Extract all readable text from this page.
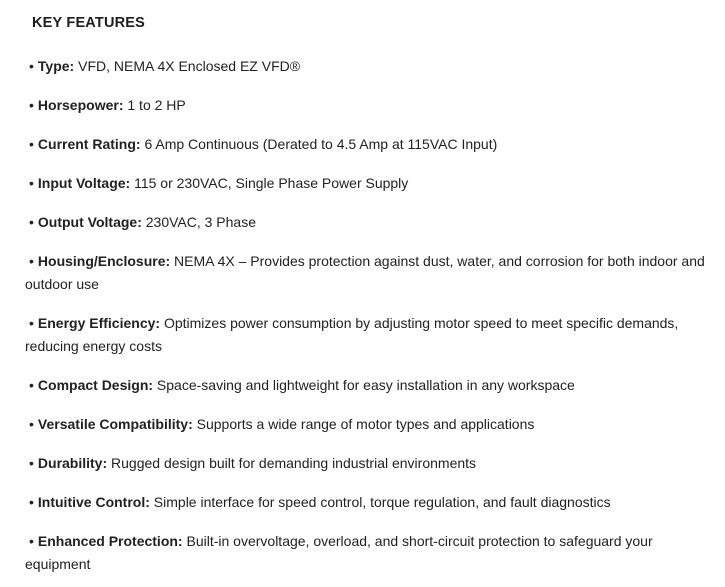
KEY FEATURES

• Type: VFD, NEMA 4X Enclosed EZ VFD®

• Horsepower: 1 to 2 HP

• Current Rating: 6 Amp Continuous (Derated to 4.5 Amp at 115VAC Input)

• Input Voltage: 115 or 230VAC, Single Phase Power Supply

• Output Voltage: 230VAC, 3 Phase

• Housing/Enclosure: NEMA 4X – Provides protection against dust, water, and corrosion for both indoor and
outdoor use

• Energy Efficiency: Optimizes power consumption by adjusting motor speed to meet specific demands,
reducing energy costs

• Compact Design: Space-saving and lightweight for easy installation in any workspace

• Versatile Compatibility: Supports a wide range of motor types and applications

• Durability: Rugged design built for demanding industrial environments

• Intuitive Control: Simple interface for speed control, torque regulation, and fault diagnostics

• Enhanced Protection: Built-in overvoltage, overload, and short-circuit protection to safeguard your
equipment
